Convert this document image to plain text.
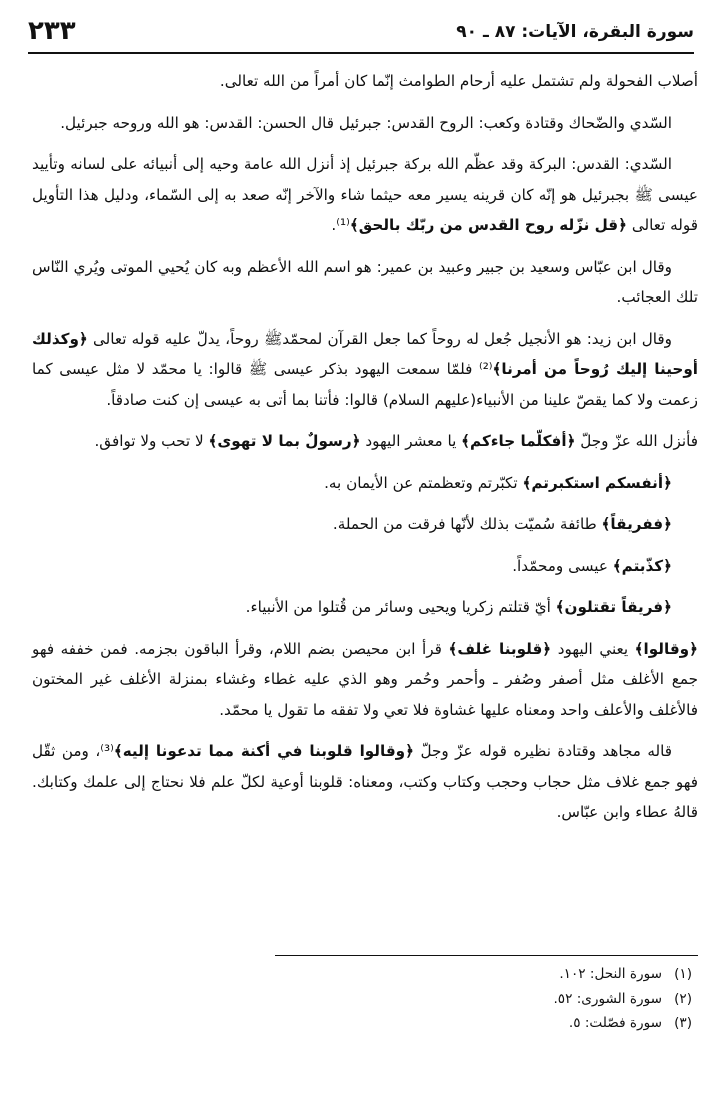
سورة البقرة، الآيات: ٨٧ ـ ٩٠
٢٣٣

أصلاب الفحولة ولم تشتمل عليه أرحام الطوامث إنّما كان أمراً من الله تعالى.

السّدي والضّحاك وقتادة وكعب: الروح القدس: جبرئيل قال الحسن: القدس: هو الله وروحه جبرئيل.

السّدي: القدس: البركة وقد عظّم الله بركة جبرئيل إذ أنزل الله عامة وحيه إلى أنبيائه على لسانه وتأييد عيسى ﷺ بجبرئيل هو إنّه كان قرينه يسير معه حيثما شاء والآخر إنّه صعد به إلى السّماء، ودليل هذا التأويل قوله تعالى ﴿قل نزّله روح القدس من ربّك بالحق﴾⁽¹⁾.

وقال ابن عبّاس وسعيد بن جبير وعبيد بن عمير: هو اسم الله الأعظم وبه كان يُحيي الموتى ويُري النّاس تلك العجائب.

وقال ابن زيد: هو الأنجيل جُعل له روحاً كما جعل القرآن لمحمّدﷺ روحاً، يدلّ عليه قوله تعالى ﴿وكذلك أوحينا إليك رُوحاً من أمرنا﴾⁽²⁾ فلمّا سمعت اليهود بذكر عيسى ﷺ قالوا: يا محمّد لا مثل عيسى كما زعمت ولا كما يقصّ علينا من الأنبياء(عليهم السلام) قالوا: فأتنا بما أتى به عيسى إن كنت صادقاً.

فأنزل الله عزّ وجلّ ﴿أفكلّما جاءكم﴾ يا معشر اليهود ﴿رسولٌ بما لا تهوى﴾ لا تحب ولا توافق.

﴿أنفسكم استكبرتم﴾ تكبّرتم وتعظمتم عن الأيمان به.

﴿ففريقاً﴾ طائفة سُميّت بذلك لأنّها فرقت من الحملة.

﴿كذّبتم﴾ عيسى ومحمّداً.

﴿فريقاً تقتلون﴾ أيّ قتلتم زكريا ويحيى وسائر من قُتلوا من الأنبياء.

﴿وقالوا﴾ يعني اليهود ﴿قلوبنا غلف﴾ قرأ ابن محيصن بضم اللام، وقرأ الباقون بجزمه. فمن خففه فهو جمع الأغلف مثل أصفر وصُفر ـ وأحمر وحُمر وهو الذي عليه غطاء وغشاء بمنزلة الأغلف غير المختون فالأغلف والأعلف واحد ومعناه عليها غشاوة فلا تعي ولا تفقه ما تقول يا محمّد.

قاله مجاهد وقتادة نظيره قوله عزّ وجلّ ﴿وقالوا قلوبنا في أكنة مما تدعونا إليه﴾⁽³⁾، ومن ثقّل فهو جمع غلاف مثل حجاب وحجب وكتاب وكتب، ومعناه: قلوبنا أوعية لكلّ علم فلا نحتاج إلى علمك وكتابك. قالهُ عطاء وابن عبّاس.

(١)سورة النحل: ١٠٢.
(٢)سورة الشورى: ٥٢.
(٣)سورة فصّلت: ٥.
